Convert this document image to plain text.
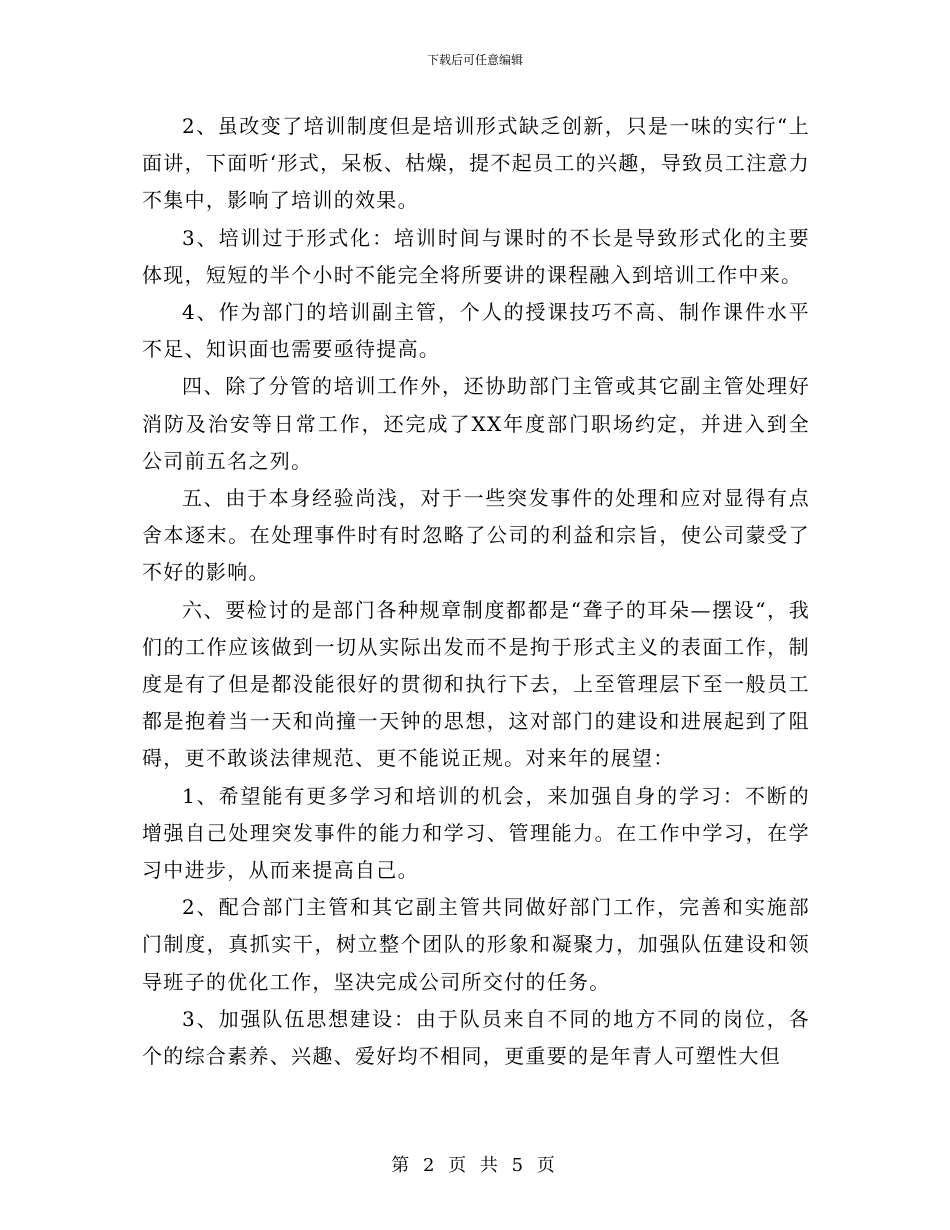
下载后可任意编辑

2、虽改变了培训制度但是培训形式缺乏创新，只是一味的实行“上面讲，下面听‘形式，呆板、枯燥，提不起员工的兴趣，导致员工注意力不集中，影响了培训的效果。

3、培训过于形式化：培训时间与课时的不长是导致形式化的主要体现，短短的半个小时不能完全将所要讲的课程融入到培训工作中来。

4、作为部门的培训副主管，个人的授课技巧不高、制作课件水平不足、知识面也需要亟待提高。

四、除了分管的培训工作外，还协助部门主管或其它副主管处理好消防及治安等日常工作，还完成了XX年度部门职场约定，并进入到全公司前五名之列。

五、由于本身经验尚浅，对于一些突发事件的处理和应对显得有点舍本逐末。在处理事件时有时忽略了公司的利益和宗旨，使公司蒙受了不好的影响。

六、要检讨的是部门各种规章制度都都是“聋子的耳朵—摆设“，我们的工作应该做到一切从实际出发而不是拘于形式主义的表面工作，制度是有了但是都没能很好的贯彻和执行下去，上至管理层下至一般员工都是抱着当一天和尚撞一天钟的思想，这对部门的建设和进展起到了阻碍，更不敢谈法律规范、更不能说正规。对来年的展望：

1、希望能有更多学习和培训的机会，来加强自身的学习：不断的增强自己处理突发事件的能力和学习、管理能力。在工作中学习，在学习中进步，从而来提高自己。

2、配合部门主管和其它副主管共同做好部门工作，完善和实施部门制度，真抓实干，树立整个团队的形象和凝聚力，加强队伍建设和领导班子的优化工作，坚决完成公司所交付的任务。

3、加强队伍思想建设：由于队员来自不同的地方不同的岗位，各个的综合素养、兴趣、爱好均不相同，更重要的是年青人可塑性大但

第 2 页 共 5 页
